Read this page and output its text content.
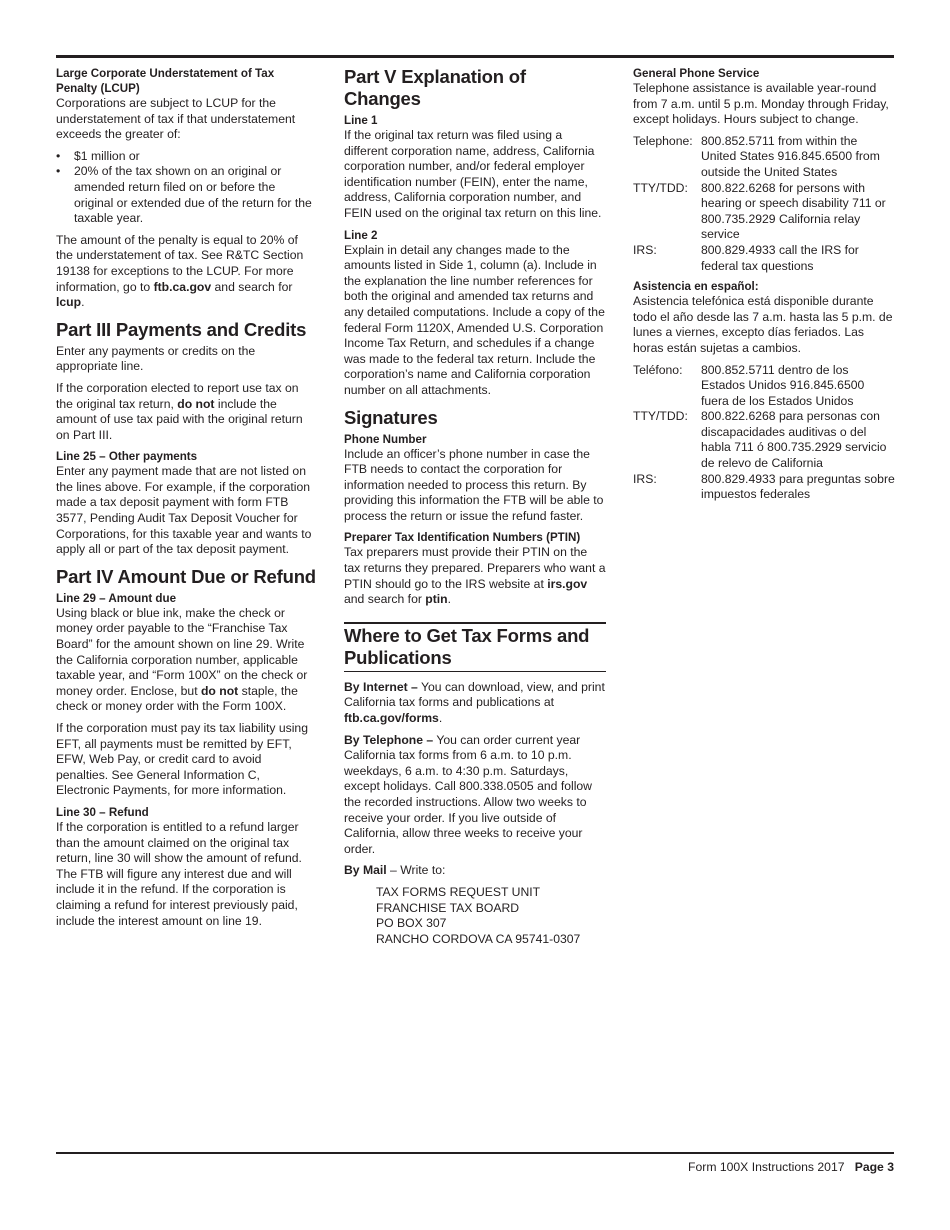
Large Corporate Understatement of Tax Penalty (LCUP)

Corporations are subject to LCUP for the understatement of tax if that understatement exceeds the greater of:

• $1 million or
• 20% of the tax shown on an original or amended return filed on or before the original or extended due of the return for the taxable year.

The amount of the penalty is equal to 20% of the understatement of tax. See R&TC Section 19138 for exceptions to the LCUP. For more information, go to ftb.ca.gov and search for lcup.

Part III Payments and Credits

Enter any payments or credits on the appropriate line.

If the corporation elected to report use tax on the original tax return, do not include the amount of use tax paid with the original return on Part III.

Line 25 – Other payments

Enter any payment made that are not listed on the lines above. For example, if the corporation made a tax deposit payment with form FTB 3577, Pending Audit Tax Deposit Voucher for Corporations, for this taxable year and wants to apply all or part of the tax deposit payment.

Part IV Amount Due or Refund

Line 29 – Amount due

Using black or blue ink, make the check or money order payable to the “Franchise Tax Board” for the amount shown on line 29. Write the California corporation number, applicable taxable year, and “Form 100X” on the check or money order. Enclose, but do not staple, the check or money order with the Form 100X.

If the corporation must pay its tax liability using EFT, all payments must be remitted by EFT, EFW, Web Pay, or credit card to avoid penalties. See General Information C, Electronic Payments, for more information.

Line 30 – Refund

If the corporation is entitled to a refund larger than the amount claimed on the original tax return, line 30 will show the amount of refund. The FTB will figure any interest due and will include it in the refund. If the corporation is claiming a refund for interest previously paid, include the interest amount on line 19.

Part V Explanation of Changes

Line 1

If the original tax return was filed using a different corporation name, address, California corporation number, and/or federal employer identification number (FEIN), enter the name, address, California corporation number, and FEIN used on the original tax return on this line.

Line 2

Explain in detail any changes made to the amounts listed in Side 1, column (a). Include in the explanation the line number references for both the original and amended tax returns and any detailed computations. Include a copy of the federal Form 1120X, Amended U.S. Corporation Income Tax Return, and schedules if a change was made to the federal tax return. Include the corporation’s name and California corporation number on all attachments.

Signatures

Phone Number

Include an officer’s phone number in case the FTB needs to contact the corporation for information needed to process this return. By providing this information the FTB will be able to process the return or issue the refund faster.

Preparer Tax Identification Numbers (PTIN)

Tax preparers must provide their PTIN on the tax returns they prepared. Preparers who want a PTIN should go to the IRS website at irs.gov and search for ptin.

Where to Get Tax Forms and Publications

By Internet – You can download, view, and print California tax forms and publications at ftb.ca.gov/forms.

By Telephone – You can order current year California tax forms from 6 a.m. to 10 p.m. weekdays, 6 a.m. to 4:30 p.m. Saturdays, except holidays. Call 800.338.0505 and follow the recorded instructions. Allow two weeks to receive your order. If you live outside of California, allow three weeks to receive your order.

By Mail – Write to:

TAX FORMS REQUEST UNIT
FRANCHISE TAX BOARD
PO BOX 307
RANCHO CORDOVA CA 95741-0307

General Phone Service

Telephone assistance is available year-round from 7 a.m. until 5 p.m. Monday through Friday, except holidays. Hours subject to change.

Telephone:	800.852.5711 from within the United States 916.845.6500 from outside the United States
TTY/TDD:	800.822.6268 for persons with hearing or speech disability 711 or 800.735.2929 California relay service
IRS:	800.829.4933 call the IRS for federal tax questions

Asistencia en español:

Asistencia telefónica está disponible durante todo el año desde las 7 a.m. hasta las 5 p.m. de lunes a viernes, excepto días feriados. Las horas están sujetas a cambios.

Teléfono:	800.852.5711 dentro de los Estados Unidos 916.845.6500 fuera de los Estados Unidos
TTY/TDD:	800.822.6268 para personas con discapacidades auditivas o del habla 711 ó 800.735.2929 servicio de relevo de California
IRS:	800.829.4933 para preguntas sobre impuestos federales
Form 100X Instructions 2017 Page 3
